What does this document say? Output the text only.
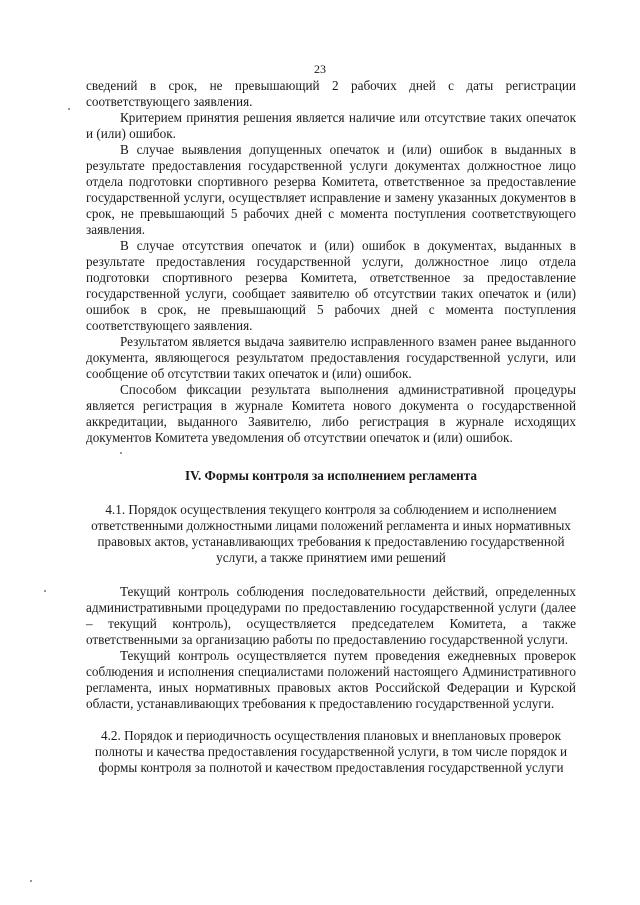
23

сведений в срок, не превышающий 2 рабочих дней с даты регистрации соответствующего заявления.

Критерием принятия решения является наличие или отсутствие таких опечаток и (или) ошибок.

В случае выявления допущенных опечаток и (или) ошибок в выданных в результате предоставления государственной услуги документах должностное лицо отдела подготовки спортивного резерва Комитета, ответственное за предоставление государственной услуги, осуществляет исправление и замену указанных документов в срок, не превышающий 5 рабочих дней с момента поступления соответствующего заявления.

В случае отсутствия опечаток и (или) ошибок в документах, выданных в результате предоставления государственной услуги, должностное лицо отдела подготовки спортивного резерва Комитета, ответственное за предоставление государственной услуги, сообщает заявителю об отсутствии таких опечаток и (или) ошибок в срок, не превышающий 5 рабочих дней с момента поступления соответствующего заявления.

Результатом является выдача заявителю исправленного взамен ранее выданного документа, являющегося результатом предоставления государственной услуги, или сообщение об отсутствии таких опечаток и (или) ошибок.

Способом фиксации результата выполнения административной процедуры является регистрация в журнале Комитета нового документа о государственной аккредитации, выданного Заявителю, либо регистрация в журнале исходящих документов Комитета уведомления об отсутствии опечаток и (или) ошибок.

IV. Формы контроля за исполнением регламента

4.1. Порядок осуществления текущего контроля за соблюдением и исполнением ответственными должностными лицами положений регламента и иных нормативных правовых актов, устанавливающих требования к предоставлению государственной услуги, а также принятием ими решений

Текущий контроль соблюдения последовательности действий, определенных административными процедурами по предоставлению государственной услуги (далее – текущий контроль), осуществляется председателем Комитета, а также ответственными за организацию работы по предоставлению государственной услуги.

Текущий контроль осуществляется путем проведения ежедневных проверок соблюдения и исполнения специалистами положений настоящего Административного регламента, иных нормативных правовых актов Российской Федерации и Курской области, устанавливающих требования к предоставлению государственной услуги.

4.2. Порядок и периодичность осуществления плановых и внеплановых проверок полноты и качества предоставления государственной услуги, в том числе порядок и формы контроля за полнотой и качеством предоставления государственной услуги
